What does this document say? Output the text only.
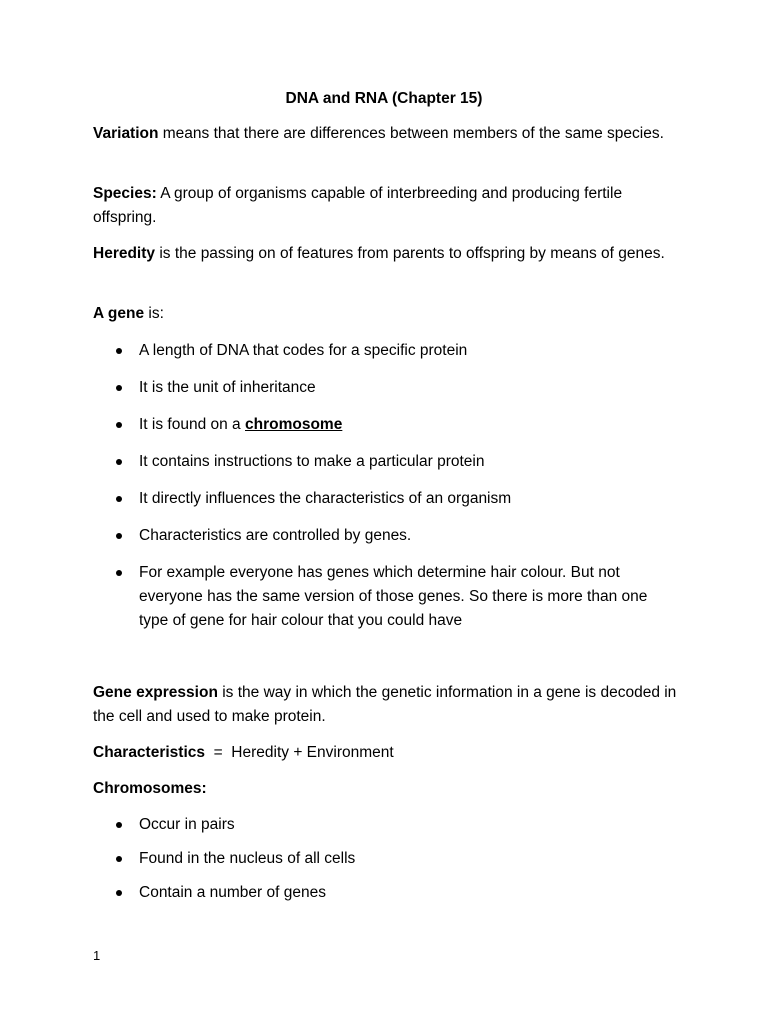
DNA and RNA (Chapter 15)

Variation means that there are differences between members of the same species.

Species: A group of organisms capable of interbreeding and producing fertile offspring.

Heredity is the passing on of features from parents to offspring by means of genes.

A gene is:

A length of DNA that codes for a specific protein
It is the unit of inheritance
It is found on a chromosome
It contains instructions to make a particular protein
It directly influences the characteristics of an organism
Characteristics are controlled by genes.
For example everyone has genes which determine hair colour. But not everyone has the same version of those genes. So there is more than one type of gene for hair colour that you could have

Gene expression is the way in which the genetic information in a gene is decoded in the cell and used to make protein.

Characteristics  =  Heredity + Environment

Chromosomes:

Occur in pairs
Found in the nucleus of all cells
Contain a number of genes
1
